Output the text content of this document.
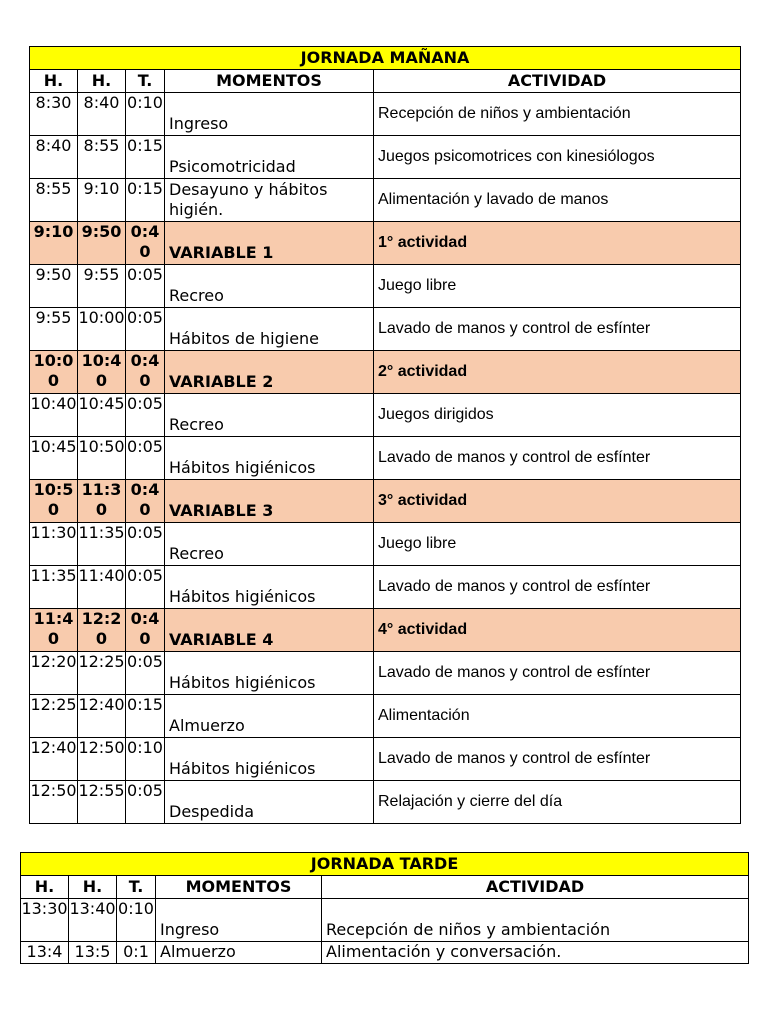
JORNADA MAÑANA				
H.	H.	T.	MOMENTOS	ACTIVIDAD
8:30	8:40	0:10	Ingreso	Recepción de niños y ambientación
8:40	8:55	0:15	Psicomotricidad	Juegos psicomotrices con kinesiólogos
8:55	9:10	0:15	Desayuno y hábitos higién.	Alimentación y lavado de manos
9:10	9:50	0:40	VARIABLE 1	1° actividad
9:50	9:55	0:05	Recreo	Juego libre
9:55	10:00	0:05	Hábitos de higiene	Lavado de manos y control de esfínter
10:00	10:40	0:40	VARIABLE 2	2° actividad
10:40	10:45	0:05	Recreo	Juegos dirigidos
10:45	10:50	0:05	Hábitos higiénicos	Lavado de manos y control de esfínter
10:50	11:30	0:40	VARIABLE 3	3° actividad
11:30	11:35	0:05	Recreo	Juego libre
11:35	11:40	0:05	Hábitos higiénicos	Lavado de manos y control de esfínter
11:40	12:20	0:40	VARIABLE 4	4° actividad
12:20	12:25	0:05	Hábitos higiénicos	Lavado de manos y control de esfínter
12:25	12:40	0:15	Almuerzo	Alimentación
12:40	12:50	0:10	Hábitos higiénicos	Lavado de manos y control de esfínter
12:50	12:55	0:05	Despedida	Relajación y cierre del día
JORNADA TARDE				
H.	H.	T.	MOMENTOS	ACTIVIDAD
13:30	13:40	0:10	Ingreso	Recepción de niños y ambientación
13:4	13:5	0:1	Almuerzo	Alimentación y conversación.
